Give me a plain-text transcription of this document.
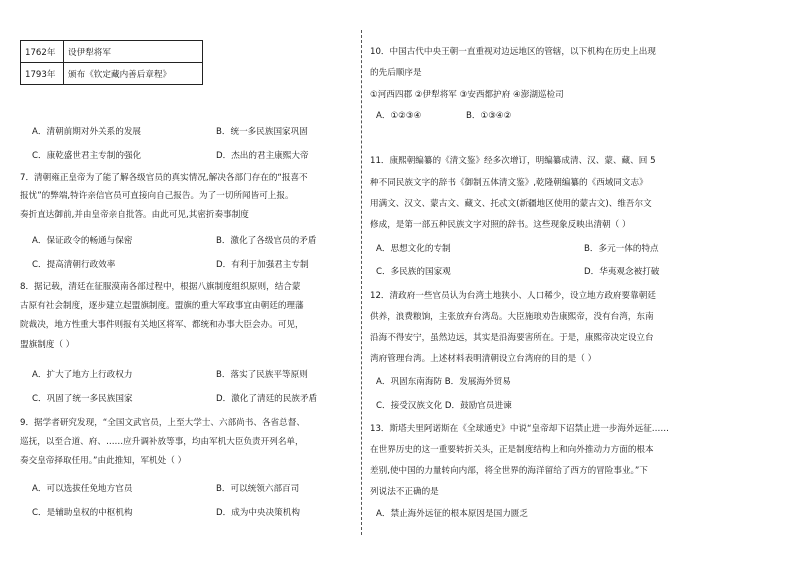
1762年	设伊犁将军
1793年	颁布《钦定藏内善后章程》
A．清朝前期对外关系的发展	B．统一多民族国家巩固
C．康乾盛世君主专制的强化	D．杰出的君主康熙大帝
7．清朝雍正皇帝为了能了解各级官员的真实情况,解决各部门存在的“报喜不
报忧”的弊端,特许亲信官员可直接向自己报告。为了一切所闻皆可上报。
奏折直达御前,并由皇帝亲自批答。由此可见,其密折奏事制度
A．保证政令的畅通与保密	B．激化了各级官员的矛盾
C．提高清朝行政效率	D．有利于加强君主专制
8．据记载，清廷在征服漠南各部过程中，根据八旗制度组织原则，结合蒙
古原有社会制度，逐步建立起盟旗制度。盟旗的重大军政事宜由朝廷的理藩
院裁决，地方性重大事件则报有关地区将军、都统和办事大臣会办。可见，
盟旗制度（ ）
A．扩大了地方上行政权力	B．落实了民族平等原则
C．巩固了统一多民族国家	D．激化了清廷的民族矛盾
9．据学者研究发现，“全国文武官员，上至大学士、六部尚书、各省总督、
巡抚，以至合道、府、……应升调补放等事，均由军机大臣负责开列名单，
奏交皇帝择取任用。”由此推知，军机处（ ）
A．可以选拔任免地方官员	B．可以统领六部百司
C．是辅助皇权的中枢机构	D．成为中央决策机构
10．中国古代中央王朝一直重视对边远地区的管辖，以下机构在历史上出现
的先后顺序是
①河西四郡 ②伊犁将军 ③安西都护府 ④澎湖巡检司
A．①②③④	B．①③④②
11．康熙朝编纂的《清文鉴》经多次增订，明编纂成清、汉、蒙、藏、回 5
种不同民族文字的辞书《御制五体清文鉴》,乾隆朝编纂的《西域同文志》
用满文、汉文、蒙古文、藏文、托忒文(新疆地区使用的蒙古文)、维吾尔文
修成，是第一部五种民族文字对照的辞书。这些现象反映出清朝（ ）
A．思想文化的专制	B．多元一体的特点
C．多民族的国家观	D．华夷观念被打破
12．清政府一些官员认为台湾土地狭小、人口稀少，设立地方政府要靠朝廷
供养，浪费粮饷，主张放弃台湾岛。大臣施琅劝告康熙帝，没有台湾，东南
沿海不得安宁，虽然边远，其实是沿海要害所在。于是，康熙帝决定设立台
湾府管理台湾。上述材料表明清朝设立台湾府的目的是（ ）
A．巩固东南海防 B．发展海外贸易
C．接受汉族文化 D．鼓励官员进谏
13．斯塔夫里阿诺斯在《全球通史》中说“皇帝却下诏禁止进一步海外远征……
在世界历史的这一重要转折关头，正是制度结构上和向外推动力方面的根本
差别,使中国的力量转向内部，将全世界的海洋留给了西方的冒险事业。”下
列说法不正确的是
A．禁止海外远征的根本原因是国力匮乏
